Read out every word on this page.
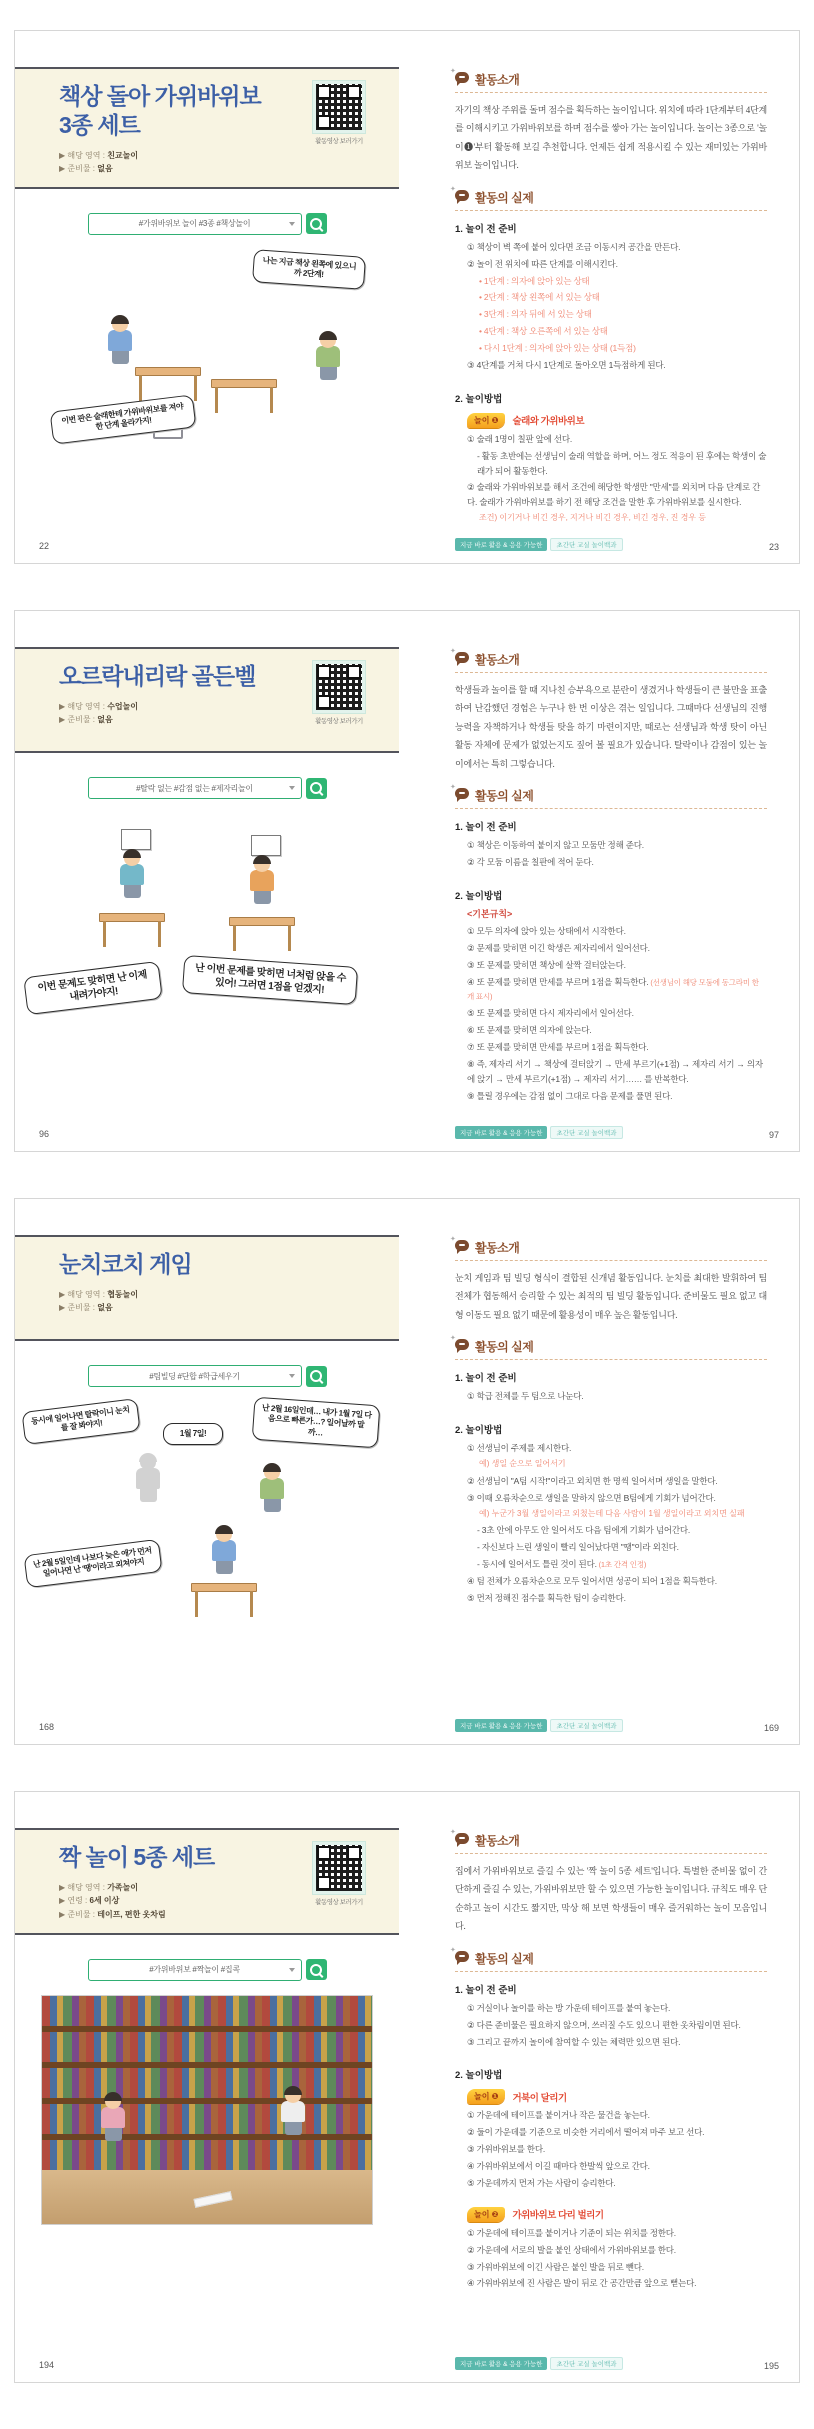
책상 돌아 가위바위보
3종 세트
▶ 해당 영역 : 친교놀이
▶ 준비물 : 없음
활동영상 보러가기
#가위바위보 놀이 #3종 #책상놀이
나는 지금 책상 왼쪽에 있으니까 2단계!
이번 판은 술래한테 가위바위보를 져야 한 단계 올라가지!
22
✦
활동소개
자기의 책상 주위를 돌며 점수를 획득하는 놀이입니다. 위치에 따라 1단계부터 4단계를 이해시키고 가위바위보를 하며 점수를 쌓아 가는 놀이입니다. 놀이는 3종으로 '놀이❶'부터 활동해 보길 추천합니다. 언제든 쉽게 적용시킬 수 있는 재미있는 가위바위보 놀이입니다.
✦
활동의 실제
1. 놀이 전 준비
① 책상이 벽 쪽에 붙어 있다면 조금 이동시켜 공간을 만든다.
② 놀이 전 위치에 따른 단계를 이해시킨다.
• 1단계 : 의자에 앉아 있는 상태
• 2단계 : 책상 왼쪽에 서 있는 상태
• 3단계 : 의자 뒤에 서 있는 상태
• 4단계 : 책상 오른쪽에 서 있는 상태
• 다시 1단계 : 의자에 앉아 있는 상태 (1득점)
③ 4단계를 거쳐 다시 1단계로 돌아오면 1득점하게 된다.
2. 놀이방법
놀이 ❶	술래와 가위바위보
① 술래 1명이 칠판 앞에 선다.
- 활동 초반에는 선생님이 술래 역할을 하며, 어느 정도 적응이 된 후에는 학생이 술래가 되어 활동한다.
② 술래와 가위바위보를 해서 조건에 해당한 학생만 "만세"를 외치며 다음 단계로 간다. 술래가 가위바위보를 하기 전 해당 조건을 말한 후 가위바위보를 실시한다.
조건) 이기거나 비긴 경우, 지거나 비긴 경우, 비긴 경우, 진 경우 등
지금 바로 활용 & 응용 가능한	초간단 교실 놀이백과	23
오르락내리락 골든벨
▶ 해당 영역 : 수업놀이
▶ 준비물 : 없음	활동영상 보러가기
#탈락 없는 #감점 없는 #제자리놀이
이번 문제도 맞히면 난 이제 내려가야지!
난 이번 문제를 맞히면 너처럼 앉을 수 있어! 그러면 1점을 얻겠지!
96
✦
활동소개
학생들과 놀이를 할 때 지나친 승부욕으로 분란이 생겼거나 학생들이 큰 불만을 표출하여 난감했던 경험은 누구나 한 번 이상은 겪는 일입니다. 그때마다 선생님의 진행 능력을 자책하거나 학생들 탓을 하기 마련이지만, 때로는 선생님과 학생 탓이 아닌 활동 자체에 문제가 없었는지도 짚어 볼 필요가 있습니다. 탈락이나 감점이 있는 놀이에서는 특히 그렇습니다.
✦
활동의 실제
1. 놀이 전 준비
① 책상은 이동하여 붙이지 않고 모둠만 정해 준다.
② 각 모둠 이름을 칠판에 적어 둔다.
2. 놀이방법
<기본규칙>
① 모두 의자에 앉아 있는 상태에서 시작한다.
② 문제를 맞히면 이긴 학생은 제자리에서 일어선다.
③ 또 문제를 맞히면 책상에 살짝 걸터앉는다.
④ 또 문제를 맞히면 만세를 부르며 1점을 획득한다. (선생님이 해당 모둠에 동그라미 한 개 표시)
⑤ 또 문제를 맞히면 다시 제자리에서 일어선다.
⑥ 또 문제를 맞히면 의자에 앉는다.
⑦ 또 문제를 맞히면 만세를 부르며 1점을 획득한다.
⑧ 즉, 제자리 서기 → 책상에 걸터앉기 → 만세 부르기(+1점) → 제자리 서기 → 의자에 앉기 → 만세 부르기(+1점) → 제자리 서기…… 를 반복한다.
⑨ 틀릴 경우에는 감점 없이 그대로 다음 문제를 풀면 된다.
지금 바로 활용 & 응용 가능한	초간단 교실 놀이백과	97
눈치코치 게임
▶ 해당 영역 : 협동놀이
▶ 준비물 : 없음
#팀빌딩 #단합 #학급세우기
동시에 일어나면 탈락이니 눈치를 잘 봐야지!
1월 7일!
난 2월 16일인데… 내가 1월 7일 다음으로 빠른가…? 일어날까 말까…
난 2월 5일인데 나보다 늦은 애가 먼저 일어나면 난 '땡'이라고 외쳐야지
168
✦
활동소개
눈치 게임과 팀 빌딩 형식이 결합된 신개념 활동입니다. 눈치를 최대한 발휘하여 팀 전체가 협동해서 승리할 수 있는 최적의 팀 빌딩 활동입니다. 준비물도 필요 없고 대형 이동도 필요 없기 때문에 활용성이 매우 높은 활동입니다.
✦
활동의 실제
1. 놀이 전 준비
① 학급 전체를 두 팀으로 나눈다.
2. 놀이방법
① 선생님이 주제를 제시한다.
예) 생일 순으로 일어서기
② 선생님이 "A팀 시작!"이라고 외치면 한 명씩 일어서며 생일을 말한다.
③ 이때 오름차순으로 생일을 말하지 않으면 B팀에게 기회가 넘어간다.
예) 누군가 3월 생일이라고 외쳤는데 다음 사람이 1월 생일이라고 외치면 실패
- 3초 안에 아무도 안 일어서도 다음 팀에게 기회가 넘어간다.
- 자신보다 느린 생일이 빨리 일어났다면 "땡"이라 외친다.
- 동시에 일어서도 틀린 것이 된다. (1초 간격 인정)
④ 팀 전체가 오름차순으로 모두 일어서면 성공이 되어 1점을 획득한다.
⑤ 먼저 정해진 점수를 획득한 팀이 승리한다.
지금 바로 활용 & 응용 가능한	초간단 교실 놀이백과	169
짝 놀이 5종 세트
▶ 해당 영역 : 가족놀이
▶ 연령 : 6세 이상
▶ 준비물 : 테이프, 편한 옷차림
활동영상 보러가기
#가위바위보 #짝놀이 #집콕
194
✦
활동소개
집에서 가위바위보로 즐길 수 있는 '짝 놀이 5종 세트'입니다. 특별한 준비물 없이 간단하게 즐길 수 있는, 가위바위보만 할 수 있으면 가능한 놀이입니다. 규칙도 매우 단순하고 놀이 시간도 짧지만, 막상 해 보면 학생들이 매우 즐거워하는 놀이 모음입니다.
✦
활동의 실제
1. 놀이 전 준비
① 거실이나 놀이를 하는 방 가운데 테이프를 붙여 놓는다.
② 다른 준비물은 필요하지 않으며, 쓰러질 수도 있으니 편한 옷차림이면 된다.
③ 그리고 끝까지 놀이에 참여할 수 있는 체력만 있으면 된다.
2. 놀이방법
놀이 ❶	거북이 달리기
① 가운데에 테이프를 붙이거나 작은 물건을 놓는다.
② 둘이 가운데를 기준으로 비슷한 거리에서 떨어져 마주 보고 선다.
③ 가위바위보를 한다.
④ 가위바위보에서 이길 때마다 한발씩 앞으로 간다.
⑤ 가운데까지 먼저 가는 사람이 승리한다.
놀이 ❷	가위바위보 다리 벌리기
① 가운데에 테이프를 붙이거나 기준이 되는 위치를 정한다.
② 가운데에 서로의 발을 붙인 상태에서 가위바위보를 한다.
③ 가위바위보에 이긴 사람은 붙인 발을 뒤로 뺀다.
④ 가위바위보에 진 사람은 발이 뒤로 간 공간만큼 앞으로 뻗는다.
지금 바로 활용 & 응용 가능한	초간단 교실 놀이백과	195
